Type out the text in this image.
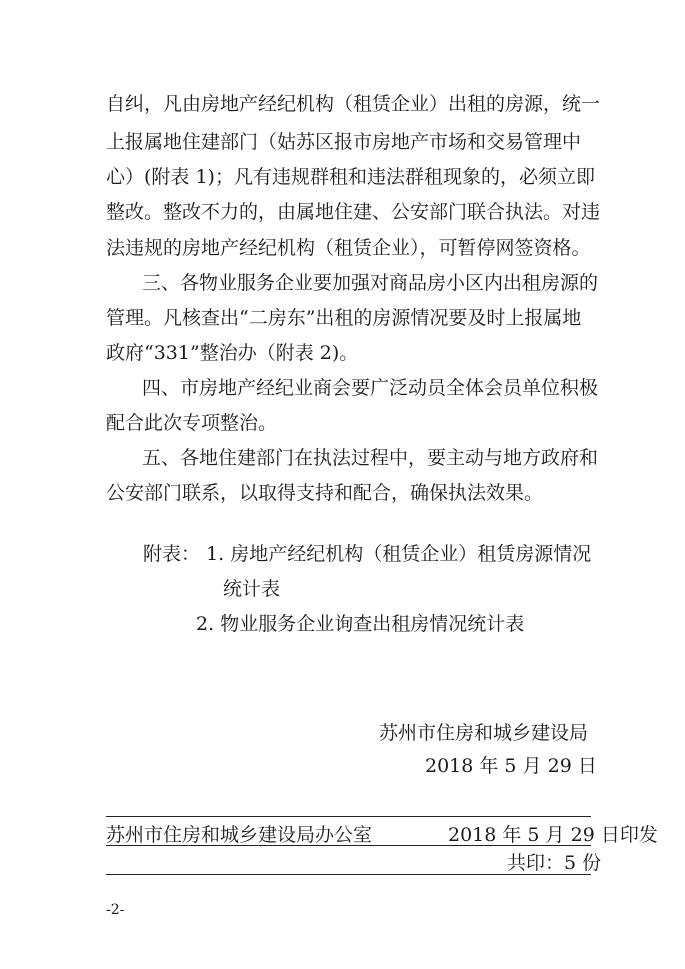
自纠，凡由房地产经纪机构（租赁企业）出租的房源，统一
上报属地住建部门（姑苏区报市房地产市场和交易管理中
心）(附表 1)；凡有违规群租和违法群租现象的，必须立即
整改。整改不力的，由属地住建、公安部门联合执法。对违
法违规的房地产经纪机构（租赁企业），可暂停网签资格。
三、各物业服务企业要加强对商品房小区内出租房源的
管理。凡核查出“二房东”出租的房源情况要及时上报属地
政府“331”整治办（附表 2)。
四、市房地产经纪业商会要广泛动员全体会员单位积极
配合此次专项整治。
五、各地住建部门在执法过程中，要主动与地方政府和
公安部门联系，以取得支持和配合，确保执法效果。
附表： 1. 房地产经纪机构（租赁企业）租赁房源情况
统计表
2. 物业服务企业询查出租房情况统计表
苏州市住房和城乡建设局
2018 年 5 月 29 日
苏州市住房和城乡建设局办公室	2018 年 5 月 29 日印发
共印：5 份
-2-
